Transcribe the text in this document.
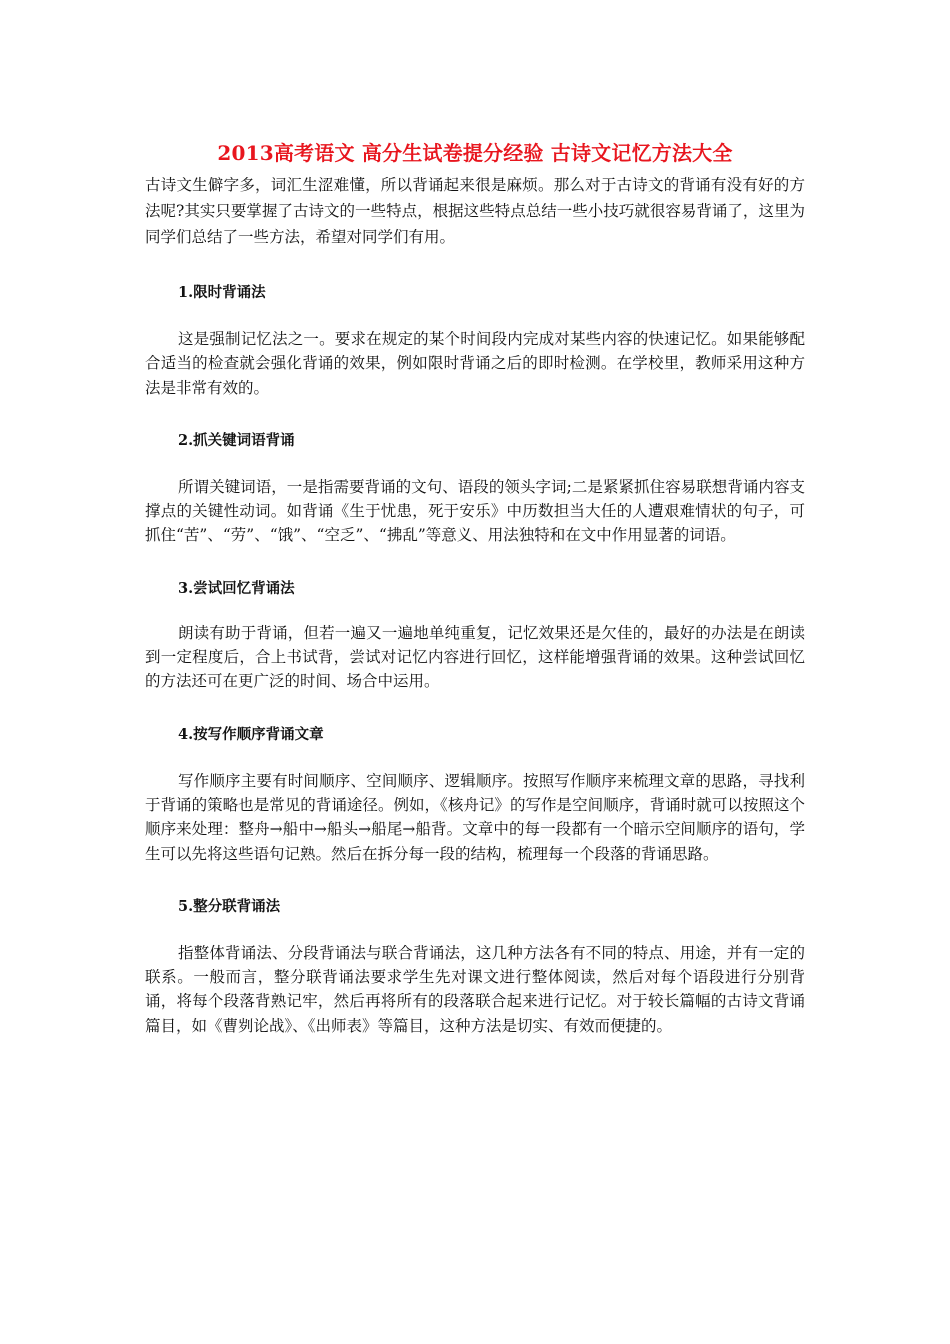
2013高考语文 高分生试卷提分经验 古诗文记忆方法大全

古诗文生僻字多，词汇生涩难懂，所以背诵起来很是麻烦。那么对于古诗文的背诵有没有好的方法呢?其实只要掌握了古诗文的一些特点，根据这些特点总结一些小技巧就很容易背诵了，这里为同学们总结了一些方法，希望对同学们有用。

1.限时背诵法

这是强制记忆法之一。要求在规定的某个时间段内完成对某些内容的快速记忆。如果能够配合适当的检查就会强化背诵的效果，例如限时背诵之后的即时检测。在学校里，教师采用这种方法是非常有效的。

2.抓关键词语背诵

所谓关键词语，一是指需要背诵的文句、语段的领头字词;二是紧紧抓住容易联想背诵内容支撑点的关键性动词。如背诵《生于忧患，死于安乐》中历数担当大任的人遭艰难情状的句子，可抓住“苦”、“劳”、“饿”、“空乏”、“拂乱”等意义、用法独特和在文中作用显著的词语。

3.尝试回忆背诵法

朗读有助于背诵，但若一遍又一遍地单纯重复，记忆效果还是欠佳的，最好的办法是在朗读到一定程度后，合上书试背，尝试对记忆内容进行回忆，这样能增强背诵的效果。这种尝试回忆的方法还可在更广泛的时间、场合中运用。

4.按写作顺序背诵文章

写作顺序主要有时间顺序、空间顺序、逻辑顺序。按照写作顺序来梳理文章的思路，寻找利于背诵的策略也是常见的背诵途径。例如，《核舟记》的写作是空间顺序，背诵时就可以按照这个顺序来处理：整舟→船中→船头→船尾→船背。文章中的每一段都有一个暗示空间顺序的语句，学生可以先将这些语句记熟。然后在拆分每一段的结构，梳理每一个段落的背诵思路。

5.整分联背诵法

指整体背诵法、分段背诵法与联合背诵法，这几种方法各有不同的特点、用途，并有一定的联系。一般而言，整分联背诵法要求学生先对课文进行整体阅读，然后对每个语段进行分别背诵，将每个段落背熟记牢，然后再将所有的段落联合起来进行记忆。对于较长篇幅的古诗文背诵篇目，如《曹刿论战》、《出师表》等篇目，这种方法是切实、有效而便捷的。
